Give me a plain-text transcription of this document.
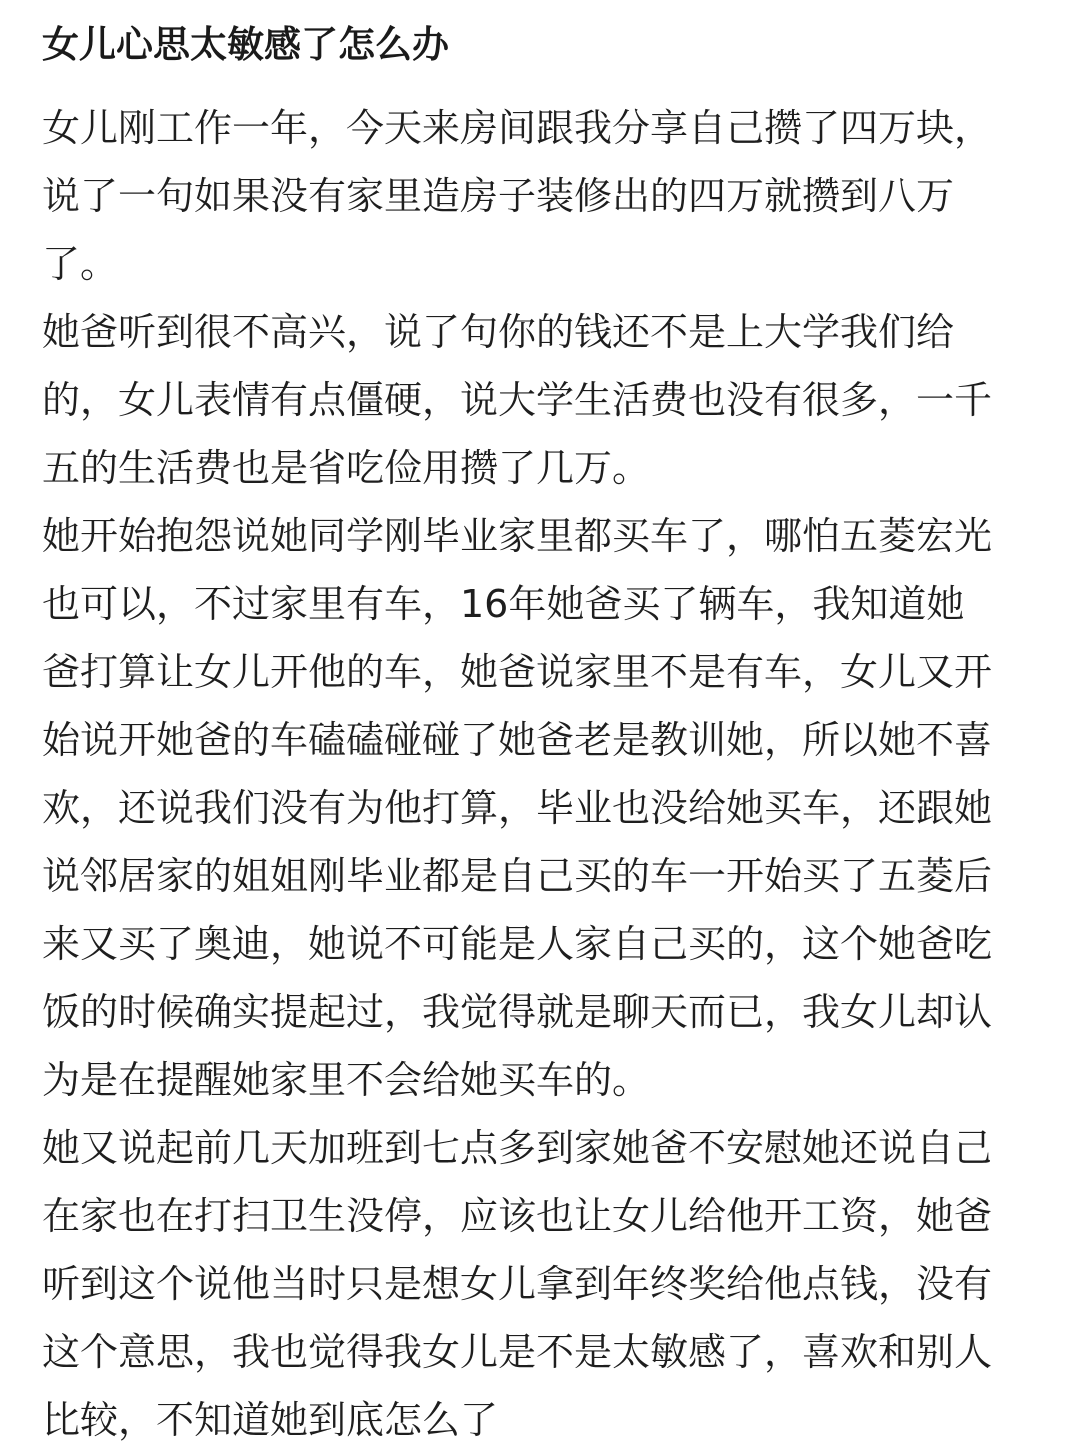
女儿心思太敏感了怎么办

女儿刚工作一年，今天来房间跟我分享自己攒了四万块，
说了一句如果没有家里造房子装修出的四万就攒到八万
了。

她爸听到很不高兴，说了句你的钱还不是上大学我们给
的，女儿表情有点僵硬，说大学生活费也没有很多，一千
五的生活费也是省吃俭用攒了几万。

她开始抱怨说她同学刚毕业家里都买车了，哪怕五菱宏光
也可以，不过家里有车，16年她爸买了辆车，我知道她
爸打算让女儿开他的车，她爸说家里不是有车，女儿又开
始说开她爸的车磕磕碰碰了她爸老是教训她，所以她不喜
欢，还说我们没有为他打算，毕业也没给她买车，还跟她
说邻居家的姐姐刚毕业都是自己买的车一开始买了五菱后
来又买了奥迪，她说不可能是人家自己买的，这个她爸吃
饭的时候确实提起过，我觉得就是聊天而已，我女儿却认
为是在提醒她家里不会给她买车的。

她又说起前几天加班到七点多到家她爸不安慰她还说自己
在家也在打扫卫生没停，应该也让女儿给他开工资，她爸
听到这个说他当时只是想女儿拿到年终奖给他点钱，没有
这个意思，我也觉得我女儿是不是太敏感了，喜欢和别人
比较，不知道她到底怎么了
